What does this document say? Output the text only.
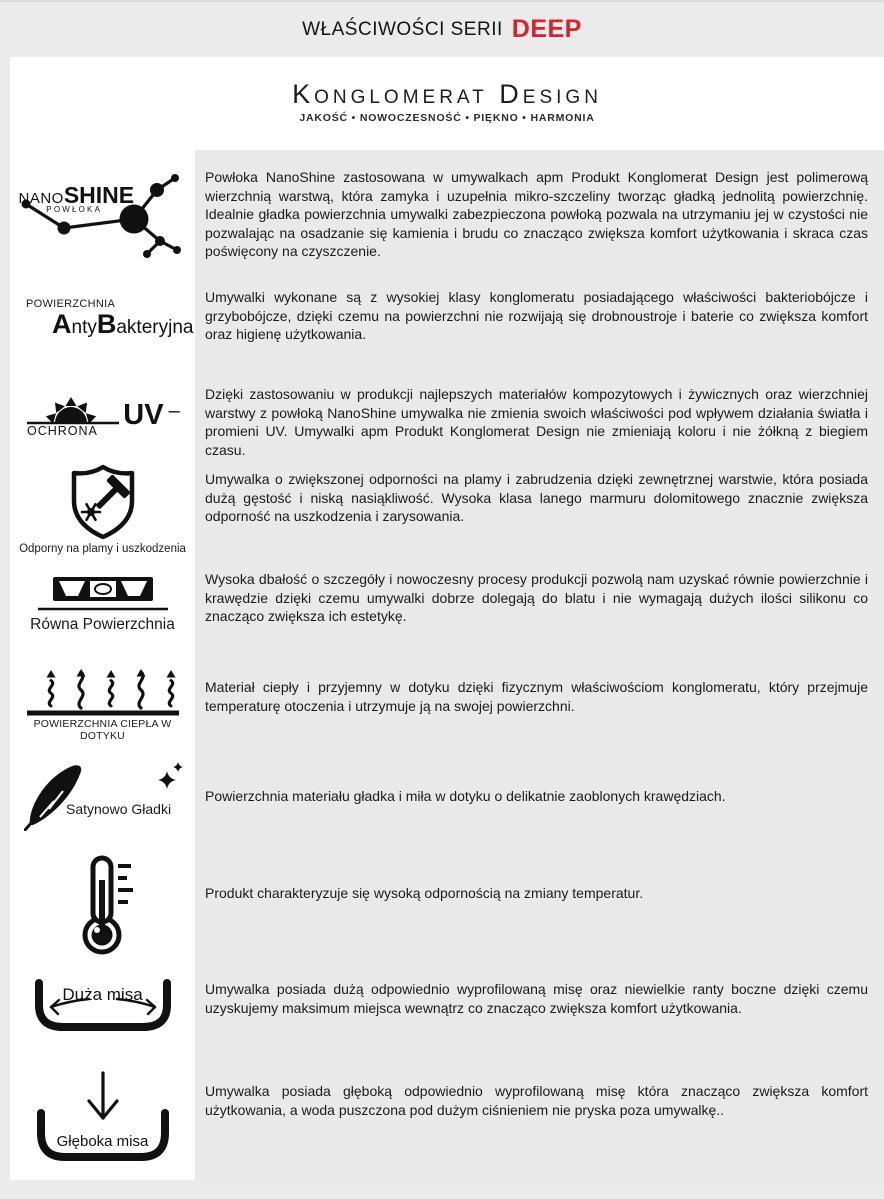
WŁAŚCIWOŚCI SERII DEEP
Konglomerat Design
JAKOŚĆ • NOWOCZESNOŚĆ • PIĘKNO • HARMONIA
NANOSHINE
POWŁOKA

Powłoka NanoShine zastosowana w umywalkach apm Produkt Konglomerat Design jest polimerową wierzchnią warstwą, która zamyka i uzupełnia mikro-szczeliny tworząc gładką jednolitą powierzchnię. Idealnie gładka powierzchnia umywalki zabezpieczona powłoką pozwala na utrzymaniu jej w czystości nie pozwalając na osadzanie się kamienia i brudu co znacząco zwiększa komfort użytkowania i skraca czas poświęcony na czyszczenie.

POWIERZCHNIA
AntyBakteryjna

Umywalki wykonane są z wysokiej klasy konglomeratu posiadającego właściwości bakteriobójcze i grzybobójcze, dzięki czemu na powierzchni nie rozwijają się drobnoustroje i baterie co zwiększa komfort oraz higienę użytkowania.

UV –
OCHRONA

Dzięki zastosowaniu w produkcji najlepszych materiałów kompozytowych i żywicznych oraz wierzchniej warstwy z powłoką NanoShine umywalka nie zmienia swoich właściwości pod wpływem działania światła i promieni UV. Umywalki apm Produkt Konglomerat Design nie zmieniają koloru i nie żółkną z biegiem czasu.

Odporny na plamy i uszkodzenia

Umywalka o zwiększonej odporności na plamy i zabrudzenia dzięki zewnętrznej warstwie, która posiada dużą gęstość i niską nasiąkliwość. Wysoka klasa lanego marmuru dolomitowego znacznie zwiększa odporność na uszkodzenia i zarysowania.

Równa Powierzchnia

Wysoka dbałość o szczegóły i nowoczesny procesy produkcji pozwolą nam uzyskać równie powierzchnie i krawędzie dzięki czemu umywalki dobrze dolegają do blatu i nie wymagają dużych ilości silikonu co znacząco zwiększa ich estetykę.

POWIERZCHNIA CIEPŁA W DOTYKU

Materiał ciepły i przyjemny w dotyku dzięki fizycznym właściwościom konglomeratu, który przejmuje temperaturę otoczenia i utrzymuje ją na swojej powierzchni.

Satynowo Gładki

Powierzchnia materiału gładka i miła w dotyku o delikatnie zaoblonych krawędziach.

Produkt charakteryzuje się wysoką odpornością na zmiany temperatur.

Duża misa	Umywalka posiada dużą odpowiednio wyprofilowaną misę oraz niewielkie ranty boczne dzięki czemu uzyskujemy maksimum miejsca wewnątrz co znacząco zwiększa komfort użytkowania.

Głęboka misa

Umywalka posiada głęboką odpowiednio wyprofilowaną misę która znacząco zwiększa komfort użytkowania, a woda puszczona pod dużym ciśnieniem nie pryska poza umywalkę..
